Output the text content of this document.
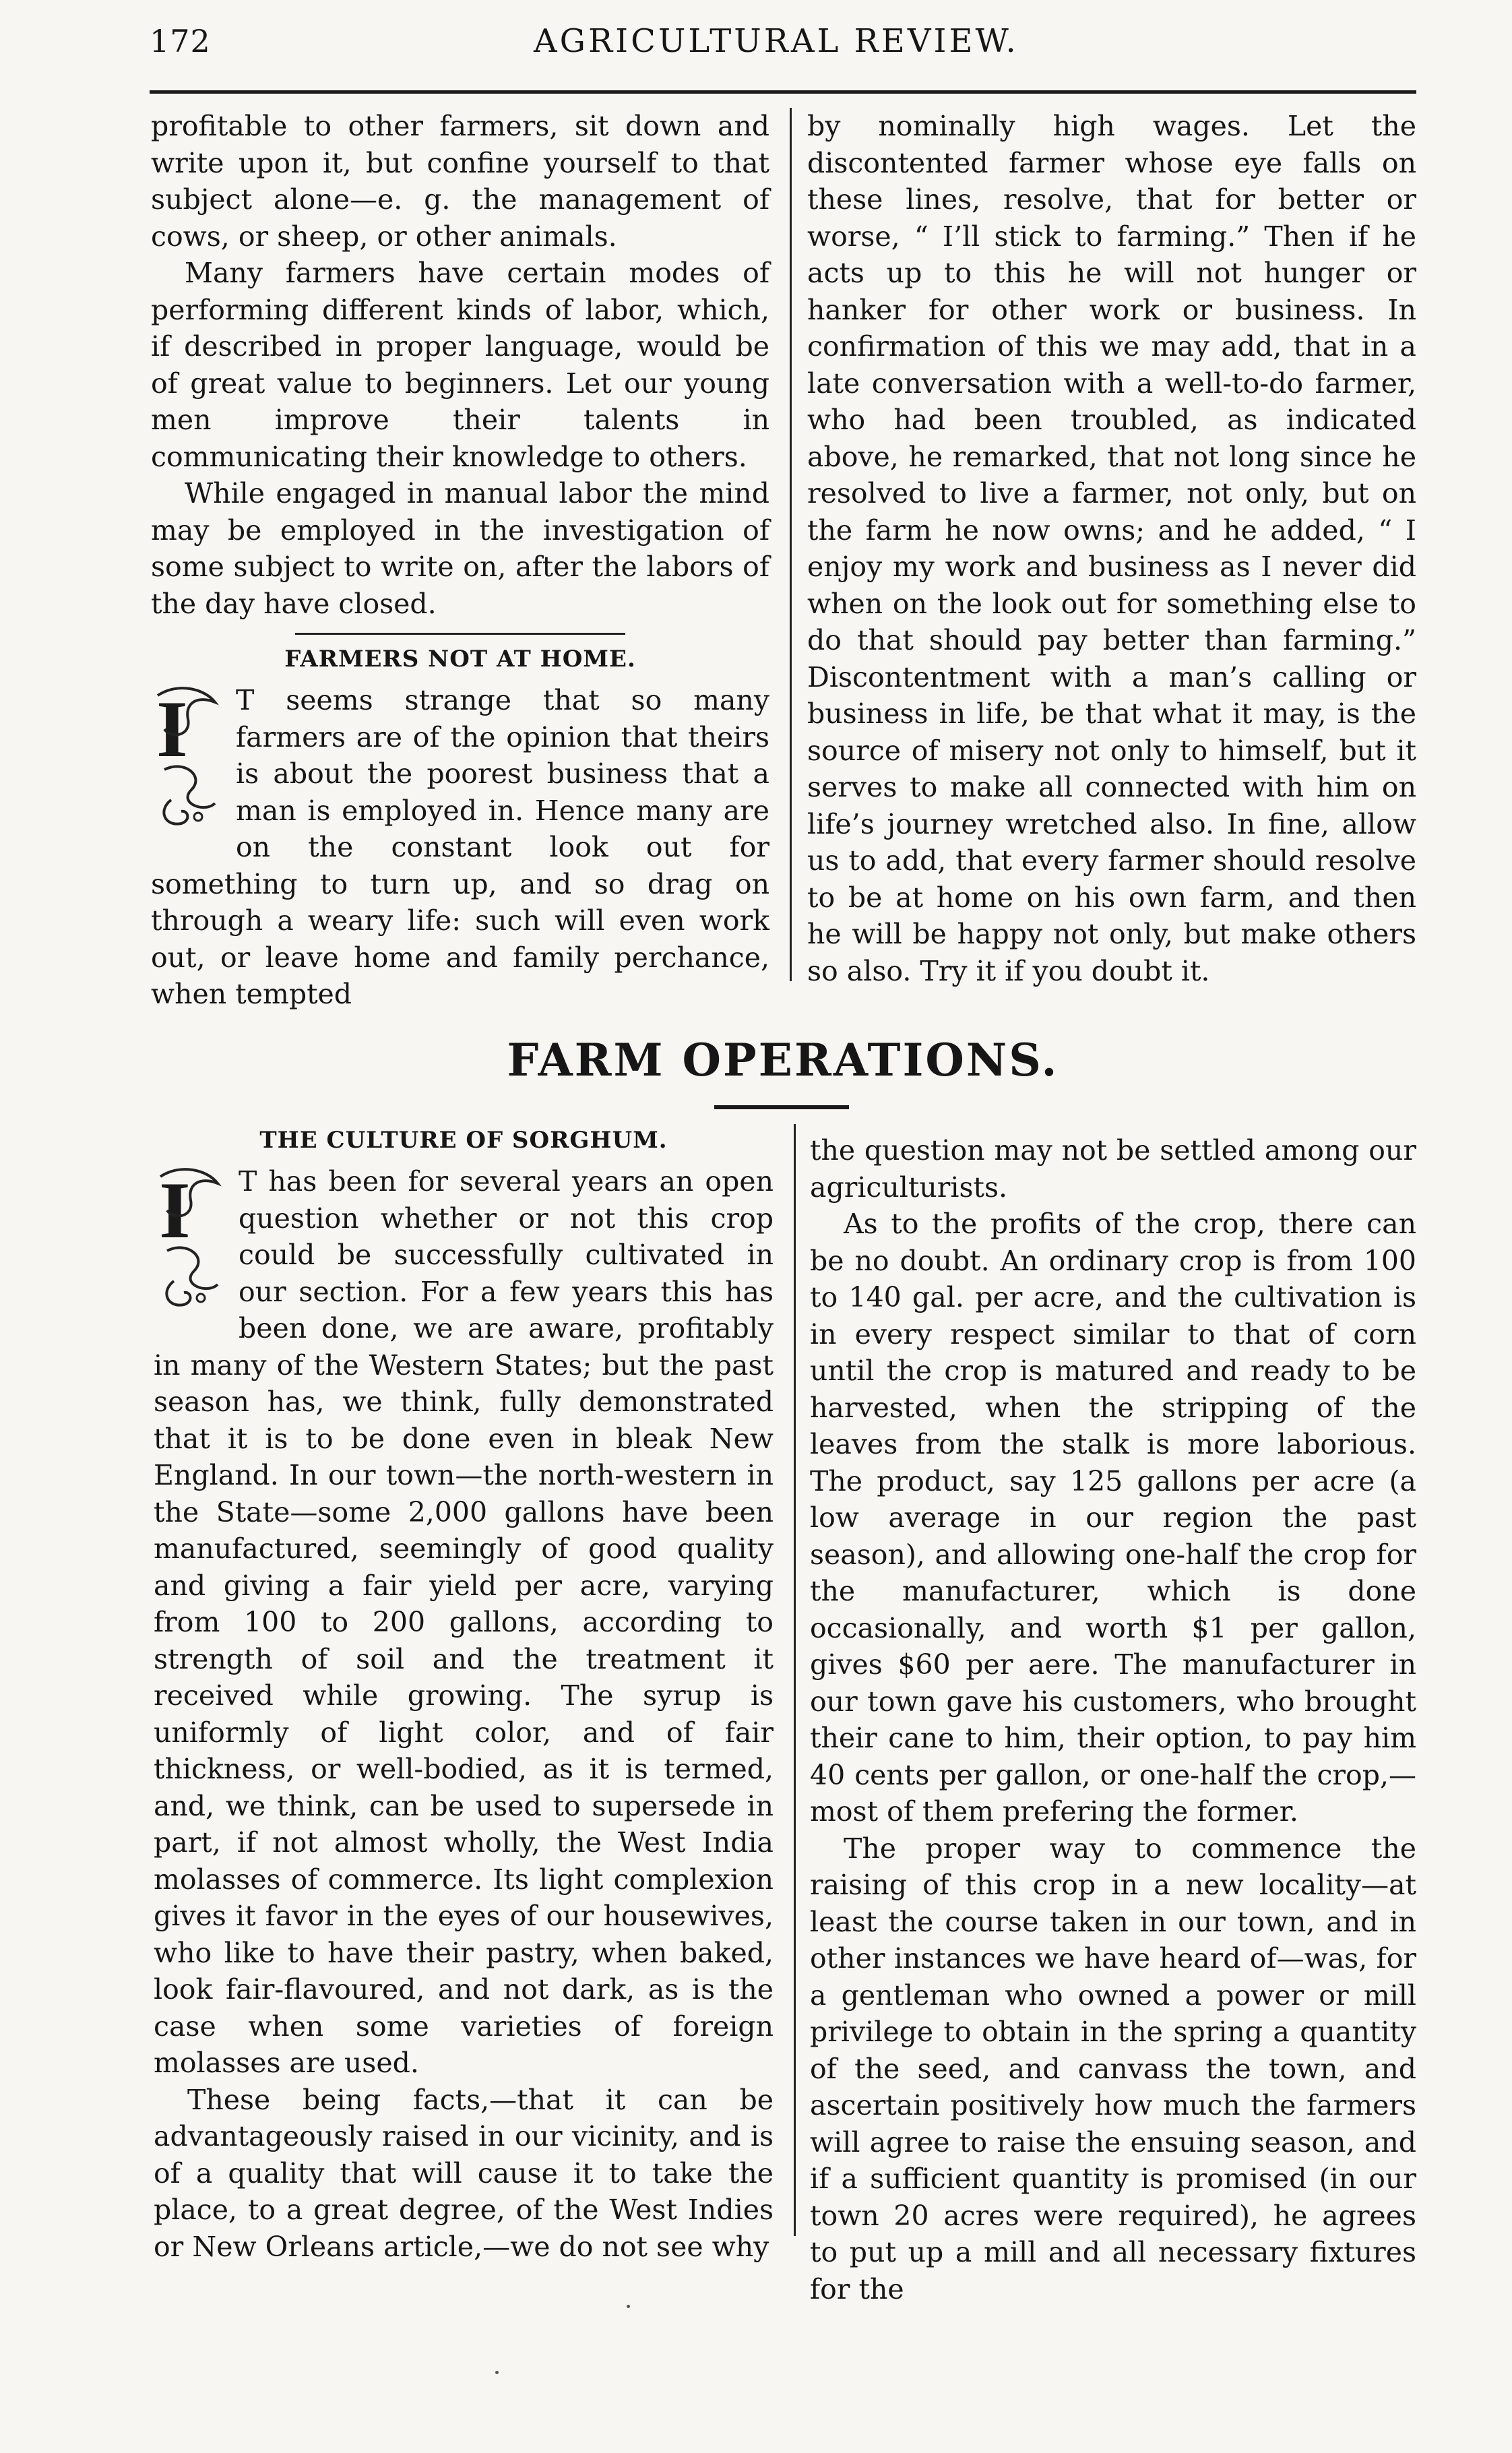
172	AGRICULTURAL REVIEW.

profitable to other farmers, sit down and write upon it, but confine yourself to that subject alone—e. g. the management of cows, or sheep, or other animals.

Many farmers have certain modes of performing different kinds of labor, which, if described in proper language, would be of great value to beginners. Let our young men improve their talents in communicating their knowledge to others.

While engaged in manual labor the mind may be employed in the investigation of some subject to write on, after the labors of the day have closed.

FARMERS NOT AT HOME.
I	T seems strange that so many farmers are of the opinion that theirs is about the poorest business that a man is employed in. Hence many are on the constant look out for something to turn up, and so drag on through a weary life: such will even work out, or leave home and family perchance, when tempted

by nominally high wages. Let the discontented farmer whose eye falls on these lines, resolve, that for better or worse, “ I’ll stick to farming.” Then if he acts up to this he will not hunger or hanker for other work or business. In confirmation of this we may add, that in a late conversation with a well-to-do farmer, who had been troubled, as indicated above, he remarked, that not long since he resolved to live a farmer, not only, but on the farm he now owns; and he added, “ I enjoy my work and business as I never did when on the look out for something else to do that should pay better than farming.” Discontentment with a man’s calling or business in life, be that what it may, is the source of misery not only to himself, but it serves to make all connected with him on life’s journey wretched also. In fine, allow us to add, that every farmer should resolve to be at home on his own farm, and then he will be happy not only, but make others so also. Try it if you doubt it.

FARM OPERATIONS.
THE CULTURE OF SORGHUM.
I	T has been for several years an open question whether or not this crop could be successfully cultivated in our section. For a few years this has been done, we are aware, profitably in many of the Western States; but the past season has, we think, fully demonstrated that it is to be done even in bleak New England. In our town—the north-western in the State—some 2,000 gallons have been manufactured, seemingly of good quality and giving a fair yield per acre, varying from 100 to 200 gallons, according to strength of soil and the treatment it received while growing. The syrup is uniformly of light color, and of fair thickness, or well-bodied, as it is termed, and, we think, can be used to supersede in part, if not almost wholly, the West India molasses of commerce. Its light complexion gives it favor in the eyes of our housewives, who like to have their pastry, when baked, look fair-flavoured, and not dark, as is the case when some varieties of foreign molasses are used.

These being facts,—that it can be advantageously raised in our vicinity, and is of a quality that will cause it to take the place, to a great degree, of the West Indies or New Orleans article,—we do not see why

the question may not be settled among our agriculturists.

As to the profits of the crop, there can be no doubt. An ordinary crop is from 100 to 140 gal. per acre, and the cultivation is in every respect similar to that of corn until the crop is matured and ready to be harvested, when the stripping of the leaves from the stalk is more laborious. The product, say 125 gallons per acre (a low average in our region the past season), and allowing one-half the crop for the manufacturer, which is done occasionally, and worth $1 per gallon, gives $60 per aere. The manufacturer in our town gave his customers, who brought their cane to him, their option, to pay him 40 cents per gallon, or one-half the crop,—most of them prefering the former.

The proper way to commence the raising of this crop in a new locality—at least the course taken in our town, and in other instances we have heard of—was, for a gentleman who owned a power or mill privilege to obtain in the spring a quantity of the seed, and canvass the town, and ascertain positively how much the farmers will agree to raise the ensuing season, and if a sufficient quantity is promised (in our town 20 acres were required), he agrees to put up a mill and all necessary fixtures for the
